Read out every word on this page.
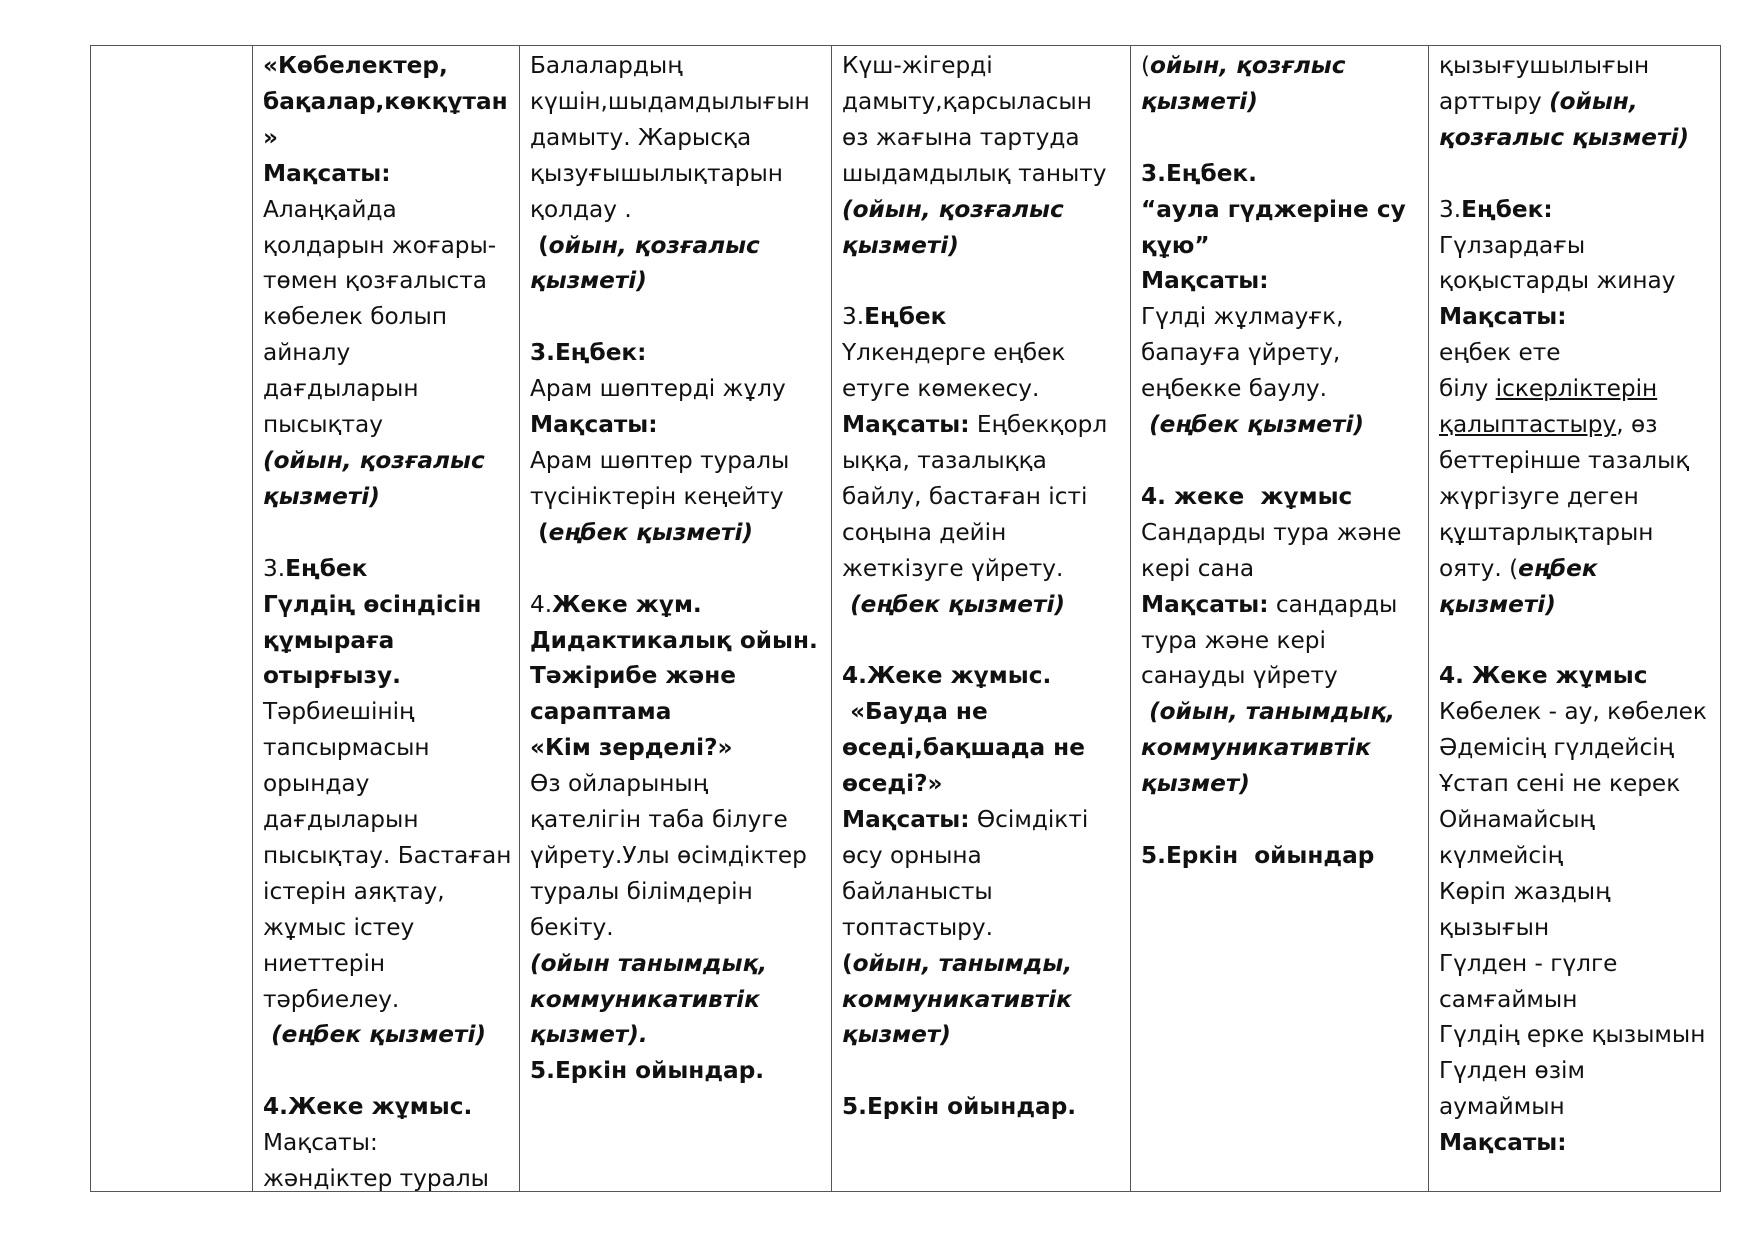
«Көбелектер,

бақалар,көкқұтан

»

Мақсаты:

Алаңқайда

қолдарын жоғары-

төмен қозғалыста

көбелек болып

айналу

дағдыларын

пысықтау

(ойын, қозғалыс

қызметі)

3.Еңбек

Гүлдің өсіндісін

құмыраға

отырғызу.

Тәрбиешінің

тапсырмасын

орындау

дағдыларын

пысықтау. Бастаған

істерін аяқтау,

жұмыс істеу

ниеттерін

тәрбиелеу.

(еңбек қызметі)

4.Жеке жұмыс.

Мақсаты:

жәндіктер туралы

Балалардың

күшін,шыдамдылығын

дамыту. Жарысқа

қызуғышылықтарын

қолдау .

(ойын, қозғалыс

қызметі)

3.Еңбек:

Арам шөптерді жұлу

Мақсаты:

Арам шөптер туралы

түсініктерін кеңейту

(еңбек қызметі)

4.Жеке жұм.

Дидактикалық ойын.

Тәжірибе және

сараптама

«Кім зерделі?»

Өз ойларының

қателігін таба білуге

үйрету.Улы өсімдіктер

туралы білімдерін

бекіту.

(ойын танымдық,

коммуникативтік

қызмет).

5.Еркін ойындар.

Күш-жігерді

дамыту,қарсыласын

өз жағына тартуда

шыдамдылық таныту

(ойын, қозғалыс

қызметі)

3.Еңбек

Үлкендерге еңбек

етуге көмекесу.

Мақсаты: Еңбекқорл

ыққа, тазалыққа

байлу, бастаған істі

соңына дейін

жеткізуге үйрету.

(еңбек қызметі)

4.Жеке жұмыс.

«Бауда не

өседі,бақшада не

өседі?»

Мақсаты: Өсімдікті

өсу орнына

байланысты

топтастыру.

(ойын, танымды,

коммуникативтік

қызмет)

5.Еркін ойындар.

(ойын, қозғлыс

қызметі)

3.Еңбек.

“аула гүджеріне су

құю”

Мақсаты:

Гүлді жұлмауғк,

бапауға үйрету,

еңбекке баулу.

(еңбек қызметі)

4. жеке  жұмыс

Сандарды тура және

кері сана

Мақсаты: сандарды

тура және кері

санауды үйрету

(ойын, танымдық,

коммуникативтік

қызмет)

5.Еркін  ойындар

қызығушылығын

арттыру (ойын,

қозғалыс қызметі)

3.Еңбек:

Гүлзардағы

қоқыстарды жинау

Мақсаты:

еңбек ете

білу іскерліктерін

қалыптастыру, өз

беттерінше тазалық

жүргізуге деген

құштарлықтарын

ояту. (еңбек

қызметі)

4. Жеке жұмыс

Көбелек - ау, көбелек

Әдемісің гүлдейсің

Ұстап сені не керек

Ойнамайсың

күлмейсің

Көріп жаздың

қызығын

Гүлден - гүлге

самғаймын

Гүлдің ерке қызымын

Гүлден өзім

аумаймын

Мақсаты:
